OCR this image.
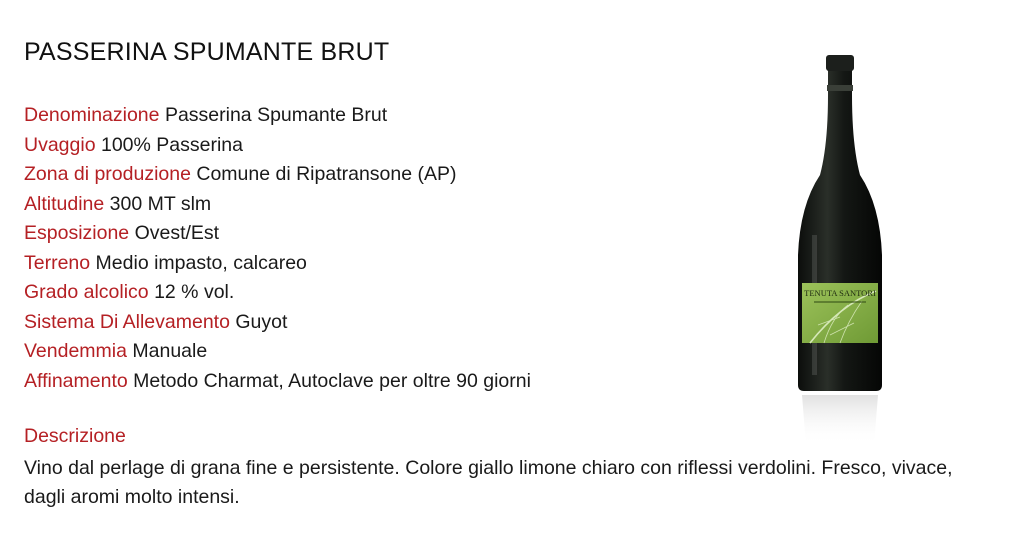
PASSERINA SPUMANTE BRUT
Denominazione Passerina Spumante Brut
Uvaggio 100% Passerina
Zona di produzione Comune di Ripatransone (AP)
Altitudine 300 MT slm
Esposizione Ovest/Est
Terreno Medio impasto, calcareo
Grado alcolico 12 % vol.
Sistema Di Allevamento Guyot
Vendemmia Manuale
Affinamento Metodo Charmat, Autoclave per oltre 90 giorni
Descrizione
Vino dal perlage di grana fine e persistente. Colore giallo limone chiaro con riflessi verdolini. Fresco, vivace, dagli aromi molto intensi.
TENUTA SANTORI
